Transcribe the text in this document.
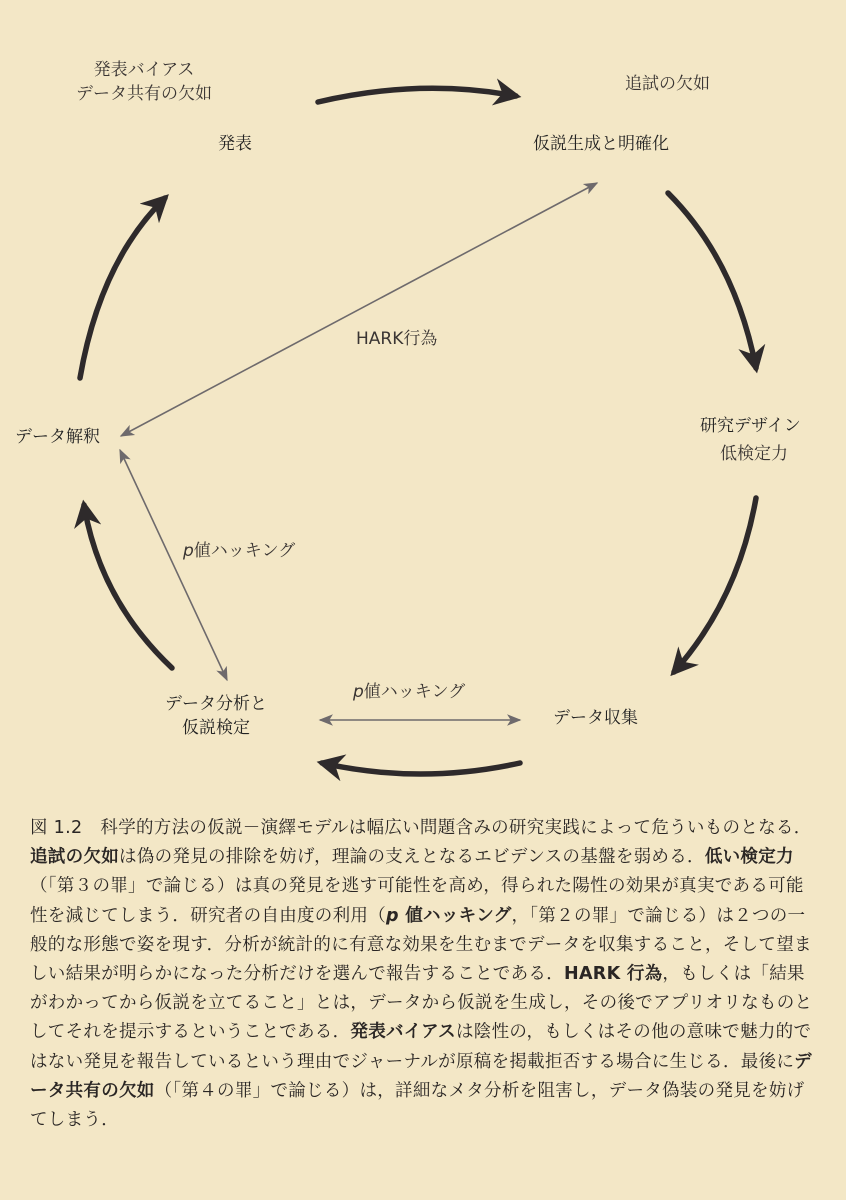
発表バイアス
データ共有の欠如	追試の欠如
低検定力
HARK行為
p値ハッキング
p値ハッキング
発表	仮説生成と明確化
研究デザイン
データ収集
データ分析と
仮説検定
データ解釈
図 1.2 科学的方法の仮説－演繹モデルは幅広い問題含みの研究実践によって危ういものとなる．追試の欠如は偽の発見の排除を妨げ，理論の支えとなるエビデンスの基盤を弱める．低い検定力（「第３の罪」で論じる）は真の発見を逃す可能性を高め，得られた陽性の効果が真実である可能性を減じてしまう．研究者の自由度の利用（p 値ハッキング，「第２の罪」で論じる）は２つの一般的な形態で姿を現す．分析が統計的に有意な効果を生むまでデータを収集すること，そして望ましい結果が明らかになった分析だけを選んで報告することである．HARK 行為，もしくは「結果がわかってから仮説を立てること」とは，データから仮説を生成し，その後でアプリオリなものとしてそれを提示するということである．発表バイアスは陰性の，もしくはその他の意味で魅力的ではない発見を報告しているという理由でジャーナルが原稿を掲載拒否する場合に生じる．最後にデータ共有の欠如（「第４の罪」で論じる）は，詳細なメタ分析を阻害し，データ偽装の発見を妨げてしまう．
